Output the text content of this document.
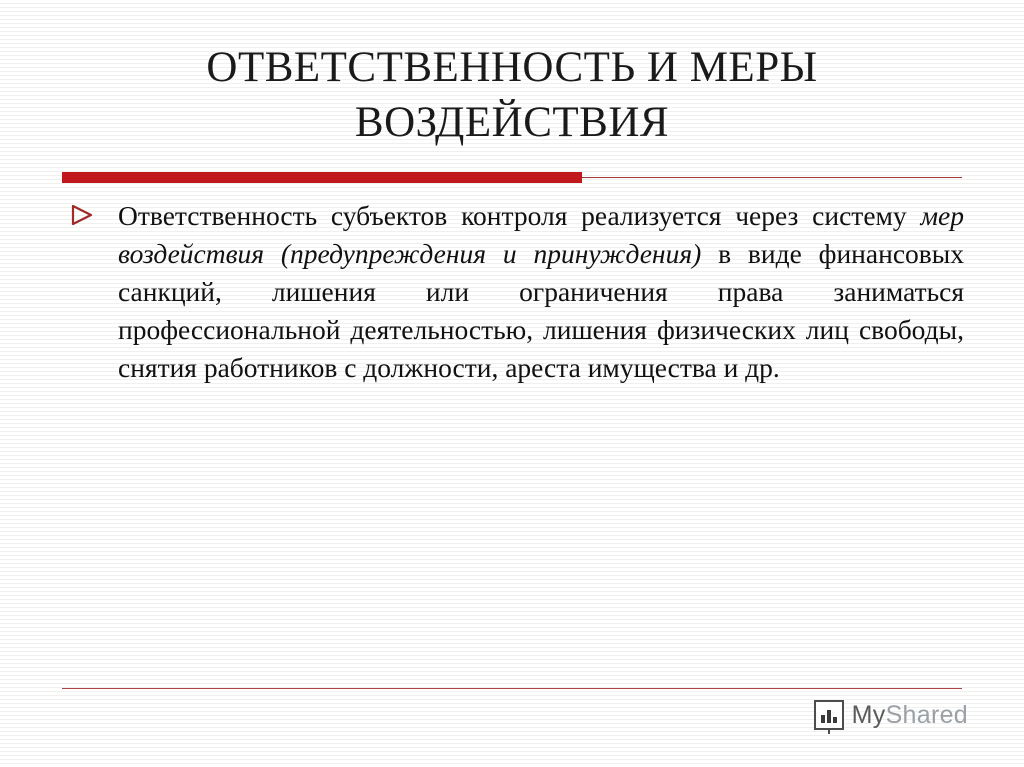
ОТВЕТСТВЕННОСТЬ И МЕРЫ
ВОЗДЕЙСТВИЯ
Ответственность субъектов контроля реализуется через систему мер воздействия (предупреждения и принуждения) в виде финансовых санкций, лишения или ограничения права заниматься профессиональной деятельностью, лишения физических лиц свободы, снятия работников с должности, ареста имущества и др.
MyShared
